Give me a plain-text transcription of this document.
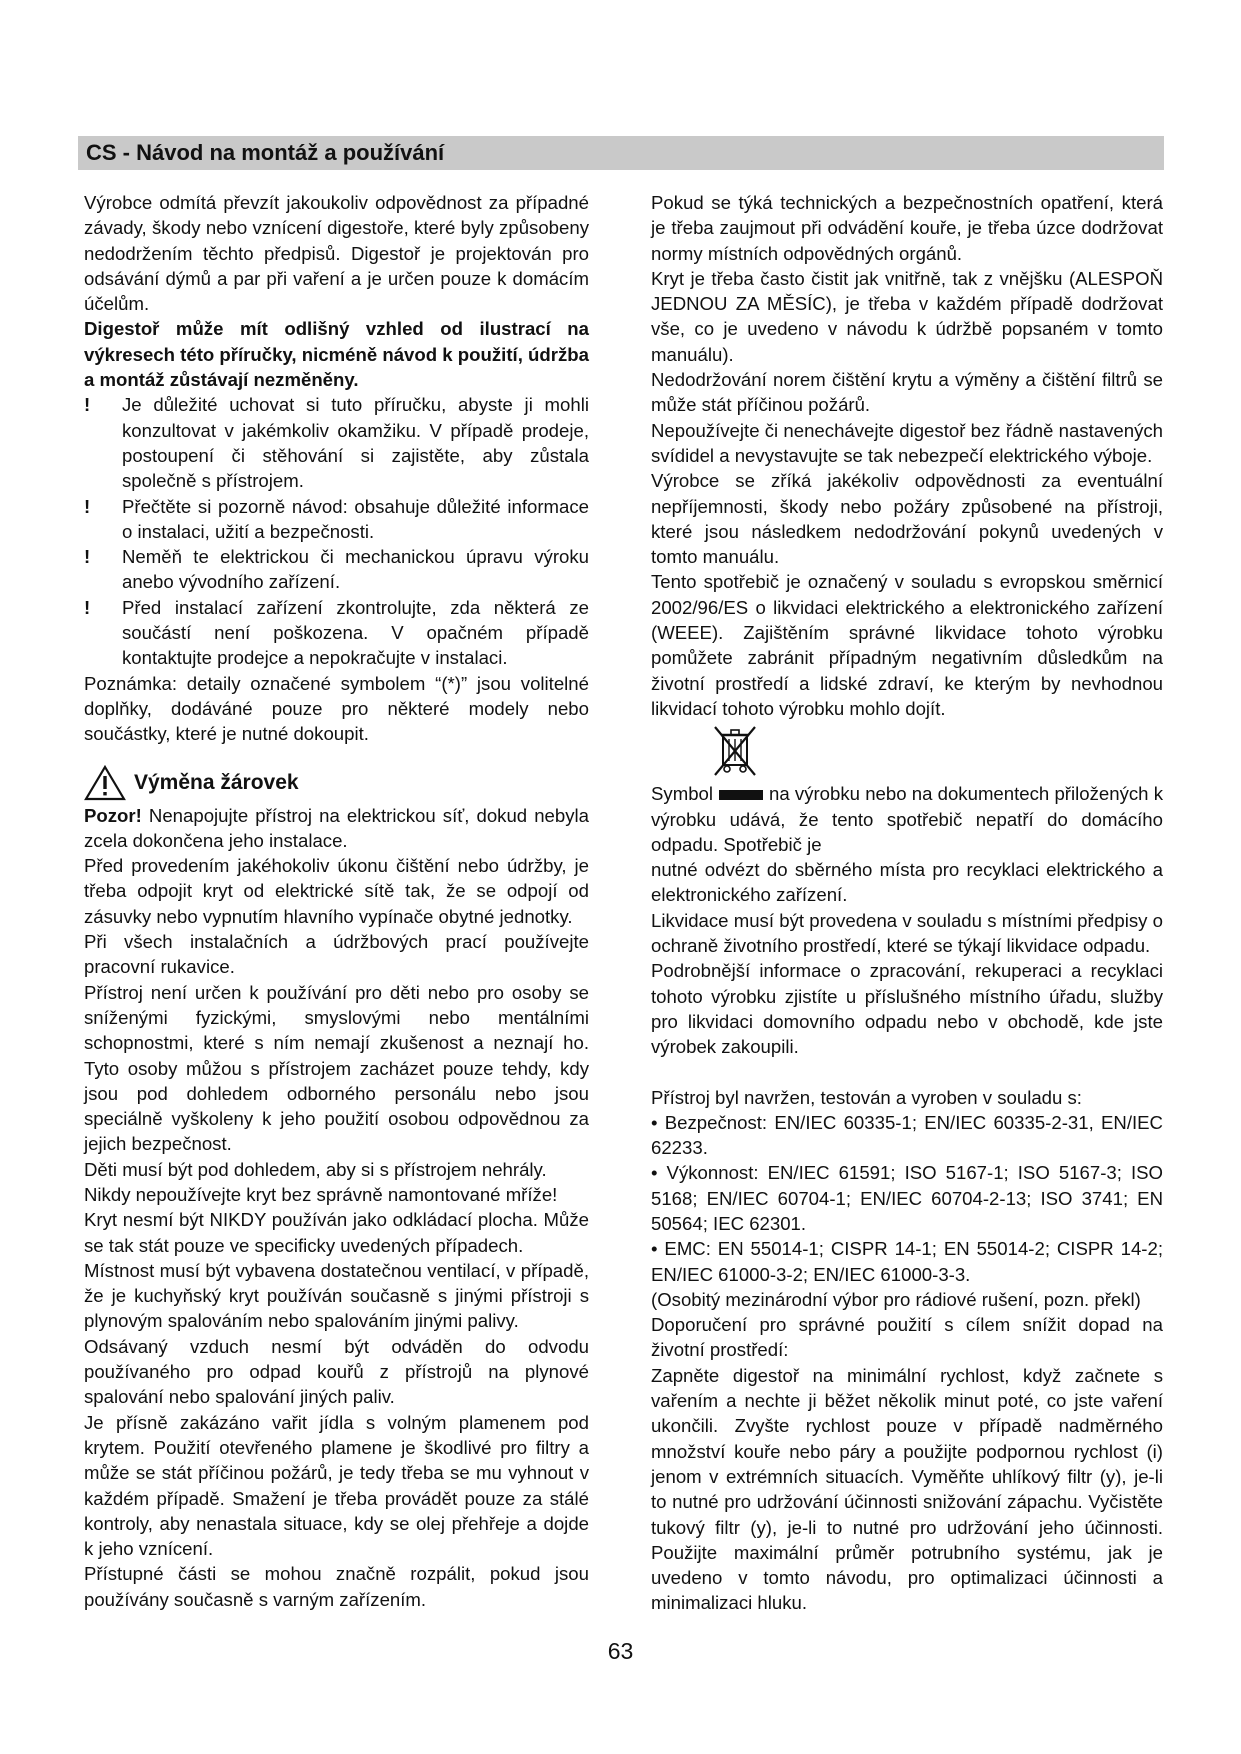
CS - Návod na montáž a používání

Výrobce odmítá převzít jakoukoliv odpovědnost za případné závady, škody nebo vznícení digestoře, které byly způsobeny nedodržením těchto předpisů. Digestoř je projektován pro odsávání dýmů a par při vaření a je určen pouze k domácím účelům.

Digestoř může mít odlišný vzhled od ilustrací na výkresech této příručky, nicméně návod k použití, údržba a montáž zůstávají nezměněny.

!	Je důležité uchovat si tuto příručku, abyste ji mohli konzultovat v jakémkoliv okamžiku. V případě prodeje, postoupení či stěhování si zajistěte, aby zůstala společně s přístrojem.
!	Přečtěte si pozorně návod: obsahuje důležité informace o instalaci, užití a bezpečnosti.
!	Neměň te elektrickou či mechanickou úpravu výroku anebo vývodního zařízení.
!	Před instalací zařízení zkontrolujte, zda některá ze součástí není poškozena. V opačném případě kontaktujte prodejce a nepokračujte v instalaci.

Poznámka: detaily označené symbolem “(*)” jsou volitelné doplňky, dodáváné pouze pro některé modely nebo součástky, které je nutné dokoupit.

Výměna žárovek

Pozor! Nenapojujte přístroj na elektrickou síť, dokud nebyla zcela dokončena jeho instalace.

Před provedením jakéhokoliv úkonu čištění nebo údržby, je třeba odpojit kryt od elektrické sítě tak, že se odpojí od zásuvky nebo vypnutím hlavního vypínače obytné jednotky.

Při všech instalačních a údržbových prací používejte pracovní rukavice.

Přístroj není určen k používání pro děti nebo pro osoby se sníženými fyzickými, smyslovými nebo mentálními schopnostmi, které s ním nemají zkušenost a neznají ho. Tyto osoby můžou s přístrojem zacházet pouze tehdy, kdy jsou pod dohledem odborného personálu nebo jsou speciálně vyškoleny k jeho použití osobou odpovědnou za jejich bezpečnost.

Děti musí být pod dohledem, aby si s přístrojem nehrály.

Nikdy nepoužívejte kryt bez správně namontované mříže!

Kryt nesmí být NIKDY používán jako odkládací plocha. Může se tak stát pouze ve specificky uvedených případech.

Místnost musí být vybavena dostatečnou ventilací, v případě, že je kuchyňský kryt používán současně s jinými přístroji s plynovým spalováním nebo spalováním jinými palivy.

Odsávaný vzduch nesmí být odváděn do odvodu používaného pro odpad kouřů z přístrojů na plynové spalování nebo spalování jiných paliv.

Je přísně zakázáno vařit jídla s volným plamenem pod krytem. Použití otevřeného plamene je škodlivé pro filtry a může se stát příčinou požárů, je tedy třeba se mu vyhnout v každém případě. Smažení je třeba provádět pouze za stálé kontroly, aby nenastala situace, kdy se olej přehřeje a dojde k jeho vznícení.

Přístupné části se mohou značně rozpálit, pokud jsou používány současně s varným zařízením.

Pokud se týká technických a bezpečnostních opatření, která je třeba zaujmout při odvádění kouře, je třeba úzce dodržovat normy místních odpovědných orgánů.

Kryt je třeba často čistit jak vnitřně, tak z vnějšku (ALESPOŇ JEDNOU ZA MĚSÍC), je třeba v každém případě dodržovat vše, co je uvedeno v návodu k údržbě popsaném v tomto manuálu).

Nedodržování norem čištění krytu a výměny a čištění filtrů se může stát příčinou požárů.

Nepoužívejte či nenechávejte digestoř bez řádně nastavených svídidel a nevystavujte se tak nebezpečí elektrického výboje.

Výrobce se zříká jakékoliv odpovědnosti za eventuální nepříjemnosti, škody nebo požáry způsobené na přístroji, které jsou následkem nedodržování pokynů uvedených v tomto manuálu.

Tento spotřebič je označený v souladu s evropskou směrnicí 2002/96/ES o likvidaci elektrického a elektronického zařízení (WEEE). Zajištěním správné likvidace tohoto výrobku pomůžete zabránit případným negativním důsledkům na životní prostředí a lidské zdraví, ke kterým by nevhodnou likvidací tohoto výrobku mohlo dojít.

Symbol	na výrobku nebo na dokumentech přiložených k výrobku udává, že tento spotřebič nepatří do domácího odpadu. Spotřebič je

nutné odvézt do sběrného místa pro recyklaci elektrického a elektronického zařízení.

Likvidace musí být provedena v souladu s místními předpisy o ochraně životního prostředí, které se týkají likvidace odpadu.

Podrobnější informace o zpracování, rekuperaci a recyklaci tohoto výrobku zjistíte u příslušného místního úřadu, služby pro likvidaci domovního odpadu nebo v obchodě, kde jste výrobek zakoupili.

Přístroj byl navržen, testován a vyroben v souladu s:

• Bezpečnost: EN/IEC 60335-1; EN/IEC 60335-2-31, EN/IEC 62233.

• Výkonnost: EN/IEC 61591; ISO 5167-1; ISO 5167-3; ISO 5168; EN/IEC 60704-1; EN/IEC 60704-2-13; ISO 3741; EN 50564; IEC 62301.

• EMC: EN 55014-1; CISPR 14-1; EN 55014-2; CISPR 14-2; EN/IEC 61000-3-2; EN/IEC 61000-3-3.

(Osobitý mezinárodní výbor pro rádiové rušení, pozn. překl)

Doporučení pro správné použití s cílem snížit dopad na životní prostředí:

Zapněte digestoř na minimální rychlost, když začnete s vařením a nechte ji běžet několik minut poté, co jste vaření ukončili. Zvyšte rychlost pouze v případě nadměrného množství kouře nebo páry a použijte podpornou rychlost (i) jenom v extrémních situacích. Vyměňte uhlíkový filtr (y), je-li to nutné pro udržování účinnosti snižování zápachu. Vyčistěte tukový filtr (y), je-li to nutné pro udržování jeho účinnosti. Použijte maximální průměr potrubního systému, jak je uvedeno v tomto návodu, pro optimalizaci účinnosti a minimalizaci hluku.

63
